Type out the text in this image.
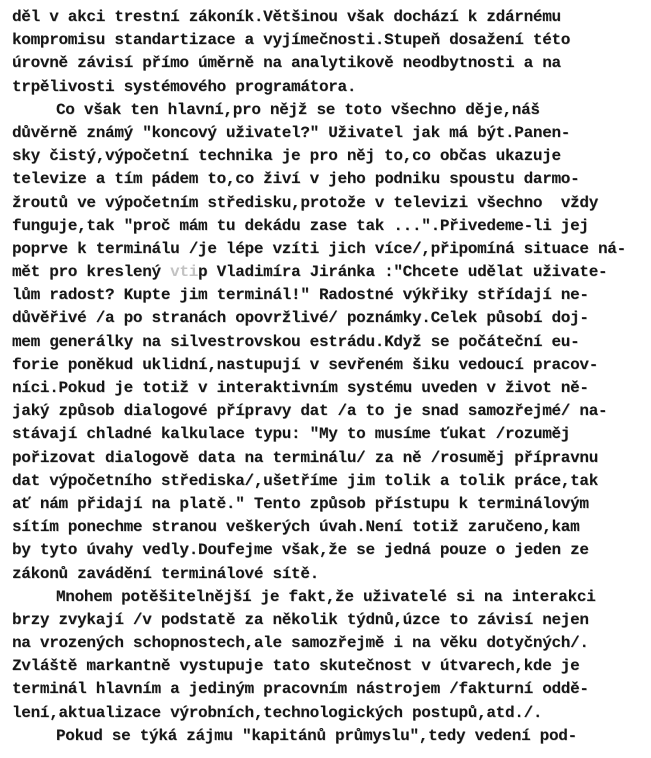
děl v akci trestní zákoník.Většinou však dochází k zdárnému
kompromisu standartizace a vyjímečnosti.Stupeň dosažení této
úrovně závisí přímo úměrně na analytikově neodbytnosti a na
trpělivosti systémového programátora.
Co však ten hlavní,pro nějž se toto všechno děje,náš
důvěrně známý "koncový uživatel?" Uživatel jak má být.Panen-
sky čistý,výpočetní technika je pro něj to,co občas ukazuje
televize a tím pádem to,co živí v jeho podniku spoustu darmo-
žroutů ve výpočetním středisku,protože v televizi všechno  vždy
funguje,tak "proč mám tu dekádu zase tak ...".Přivedeme-li jej
poprve k terminálu /je lépe vzíti jich více/,připomíná situace ná-
mět pro kreslený vtip Vladimíra Jiránka :"Chcete udělat uživate-
lům radost? Kupte jim terminál!" Radostné výkřiky střídají ne-
důvěřivé /a po stranách opovržlivé/ poznámky.Celek působí doj-
mem generálky na silvestrovskou estrádu.Když se počáteční eu-
forie poněkud uklidní,nastupují v sevřeném šiku vedoucí pracov-
níci.Pokud je totiž v interaktivním systému uveden v život ně-
jaký způsob dialogové přípravy dat /a to je snad samozřejmé/ na-
stávají chladné kalkulace typu: "My to musíme ťukat /rozuměj
pořizovat dialogově data na terminálu/ za ně /rosuměj přípravnu
dat výpočetního střediska/,ušetříme jim tolik a tolik práce,tak
ať nám přidají na platě." Tento způsob přístupu k terminálovým
sítím ponechme stranou veškerých úvah.Není totiž zaručeno,kam
by tyto úvahy vedly.Doufejme však,že se jedná pouze o jeden ze
zákonů zavádění terminálové sítě.
Mnohem potěšitelnější je fakt,že uživatelé si na interakci
brzy zvykají /v podstatě za několik týdnů,úzce to závisí nejen
na vrozených schopnostech,ale samozřejmě i na věku dotyčných/.
Zvláště markantně vystupuje tato skutečnost v útvarech,kde je
terminál hlavním a jediným pracovním nástrojem /fakturní oddě-
lení,aktualizace výrobních,technologických postupů,atd./.
Pokud se týká zájmu "kapitánů průmyslu",tedy vedení pod-
